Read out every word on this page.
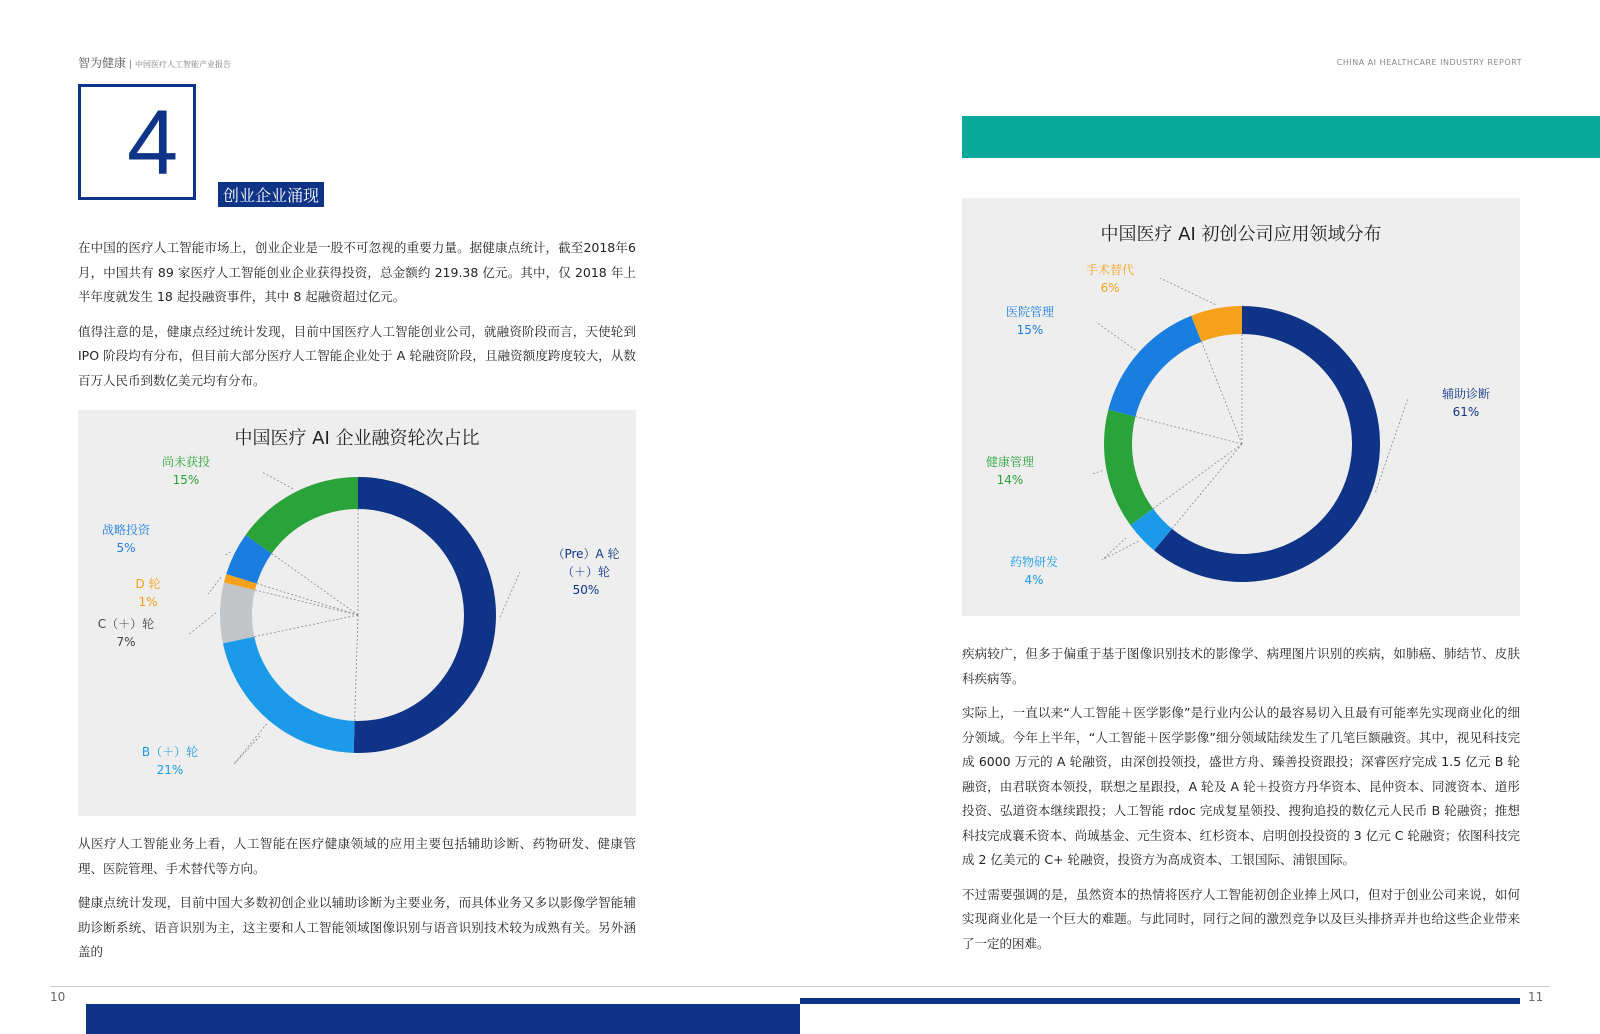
智为健康 中国医疗人工智能产业报告	CHINA AI HEALTHCARE INDUSTRY REPORT
4
创业企业涌现

在中国的医疗人工智能市场上，创业企业是一股不可忽视的重要力量。据健康点统计，截至2018年6月，中国共有 89 家医疗人工智能创业企业获得投资，总金额约 219.38 亿元。其中，仅 2018 年上半年度就发生 18 起投融资事件，其中 8 起融资超过亿元。

值得注意的是，健康点经过统计发现，目前中国医疗人工智能创业公司，就融资阶段而言，天使轮到 IPO 阶段均有分布，但目前大部分医疗人工智能企业处于 A 轮融资阶段，且融资额度跨度较大，从数百万人民币到数亿美元均有分布。

中国医疗 AI 企业融资轮次占比
（Pre）A 轮
（＋）轮
50%
B（＋）轮
21%
C（＋）轮
7%
D 轮
1%
战略投资
5%
尚未获投
15%

从医疗人工智能业务上看，人工智能在医疗健康领域的应用主要包括辅助诊断、药物研发、健康管理、医院管理、手术替代等方向。

健康点统计发现，目前中国大多数初创企业以辅助诊断为主要业务，而具体业务又多以影像学智能辅助诊断系统、语音识别为主，这主要和人工智能领域图像识别与语音识别技术较为成熟有关。另外涵盖的

中国医疗 AI 初创公司应用领域分布
辅助诊断
61%
药物研发
4%
健康管理
14%
医院管理
15%
手术替代
6%

疾病较广，但多于偏重于基于图像识别技术的影像学、病理图片识别的疾病，如肺癌、肺结节、皮肤科疾病等。

实际上，一直以来“人工智能＋医学影像”是行业内公认的最容易切入且最有可能率先实现商业化的细分领域。今年上半年，“人工智能＋医学影像”细分领域陆续发生了几笔巨额融资。其中，视见科技完成 6000 万元的 A 轮融资，由深创投领投，盛世方舟、臻善投资跟投；深睿医疗完成 1.5 亿元 B 轮融资，由君联资本领投，联想之星跟投，A 轮及 A 轮＋投资方丹华资本、昆仲资本、同渡资本、道彤投资、弘道资本继续跟投；人工智能 rdoc 完成复星领投、搜狗追投的数亿元人民币 B 轮融资；推想科技完成襄禾资本、尚珹基金、元生资本、红杉资本、启明创投投资的 3 亿元 C 轮融资；依图科技完成 2 亿美元的 C+ 轮融资，投资方为高成资本、工银国际、浦银国际。

不过需要强调的是，虽然资本的热情将医疗人工智能初创企业捧上风口，但对于创业公司来说，如何实现商业化是一个巨大的难题。与此同时，同行之间的激烈竞争以及巨头排挤弄并也给这些企业带来了一定的困难。

10	11
